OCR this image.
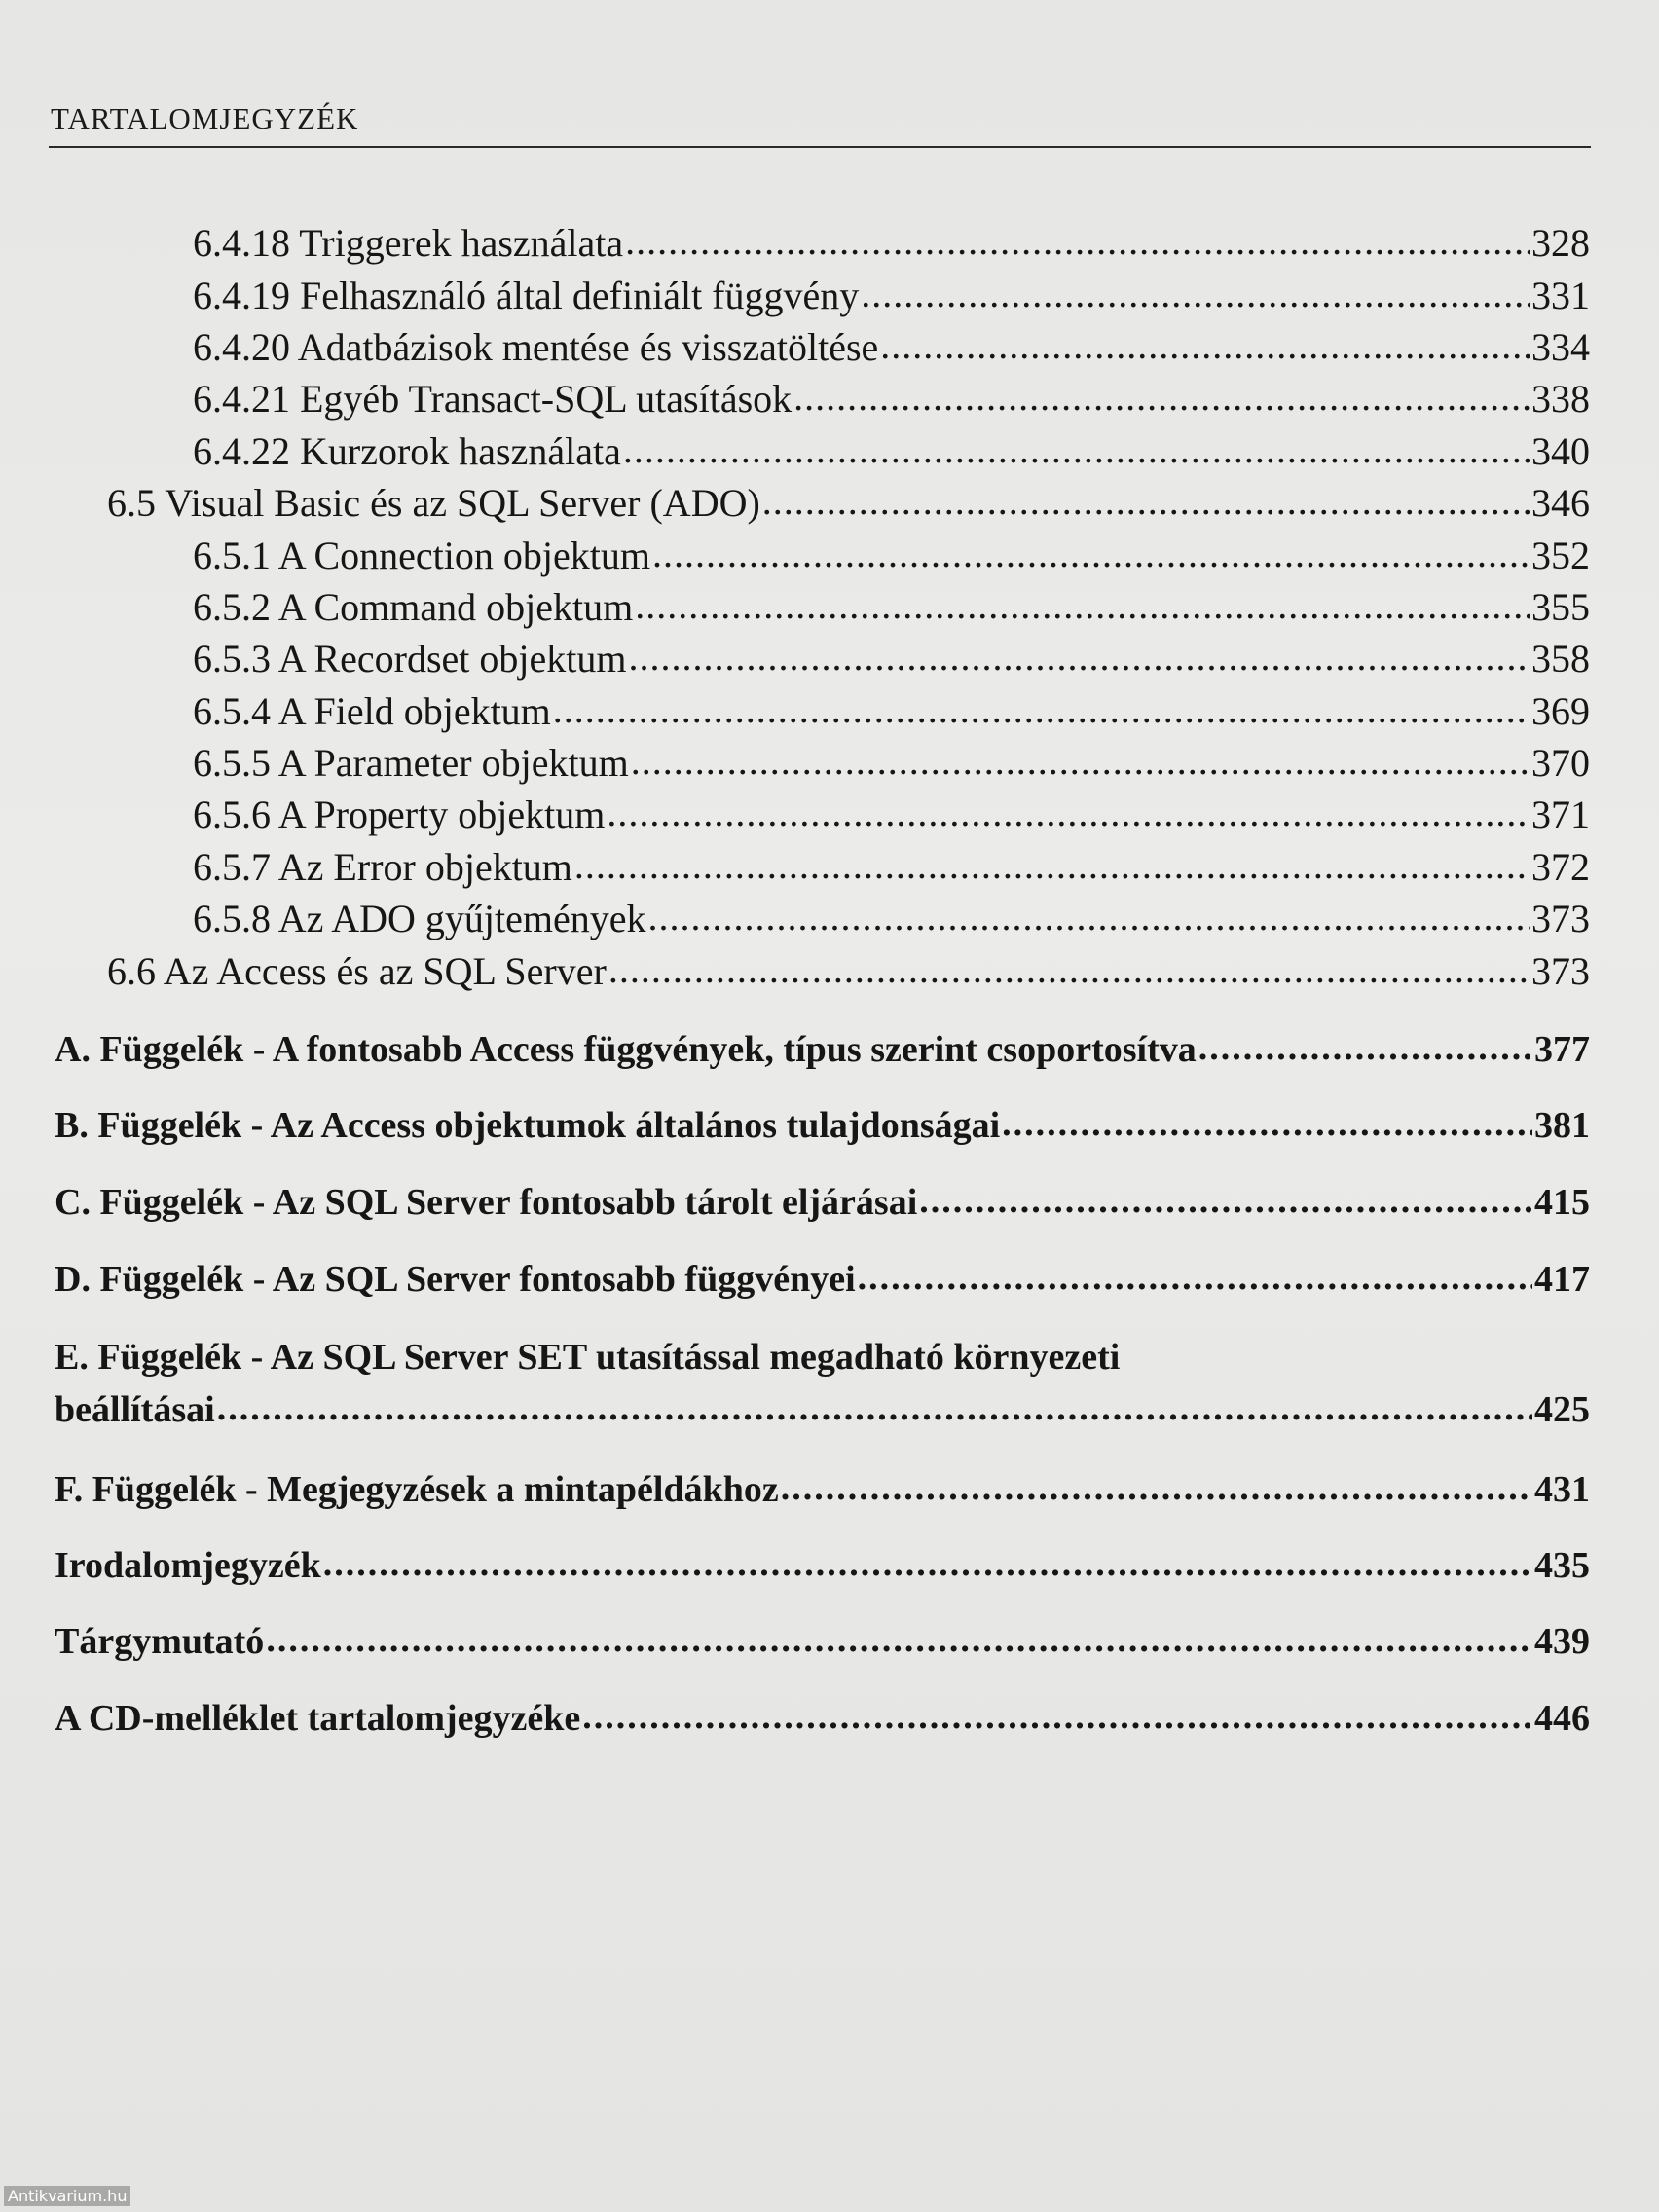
TARTALOMJEGYZÉK
6.4.18 Triggerek használata .....	328
6.4.19 Felhasználó által definiált függvény .....	331
6.4.20 Adatbázisok mentése és visszatöltése .....	334
6.4.21 Egyéb Transact-SQL utasítások .....	338
6.4.22 Kurzorok használata .....	340
6.5 Visual Basic és az SQL Server (ADO) .....	346
6.5.1 A Connection objektum .....	352
6.5.2 A Command objektum .....	355
6.5.3 A Recordset objektum .....	358
6.5.4 A Field objektum .....	369
6.5.5 A Parameter objektum .....	370
6.5.6 A Property objektum .....	371
6.5.7 Az Error objektum .....	372
6.5.8 Az ADO gyűjtemények .....	373
6.6 Az Access és az SQL Server .....	373
A. Függelék - A fontosabb Access függvények, típus szerint csoportosítva .....	377
B. Függelék - Az Access objektumok általános tulajdonságai .....	381
C. Függelék - Az SQL Server fontosabb tárolt eljárásai .....	415
D. Függelék - Az SQL Server fontosabb függvényei .....	417
E. Függelék - Az SQL Server SET utasítással megadható környezeti
beállításai .....	425
F. Függelék - Megjegyzések a mintapéldákhoz .....	431
Irodalomjegyzék .....	435
Tárgymutató .....	439
A CD-melléklet tartalomjegyzéke .....	446
Antikvarium.hu
